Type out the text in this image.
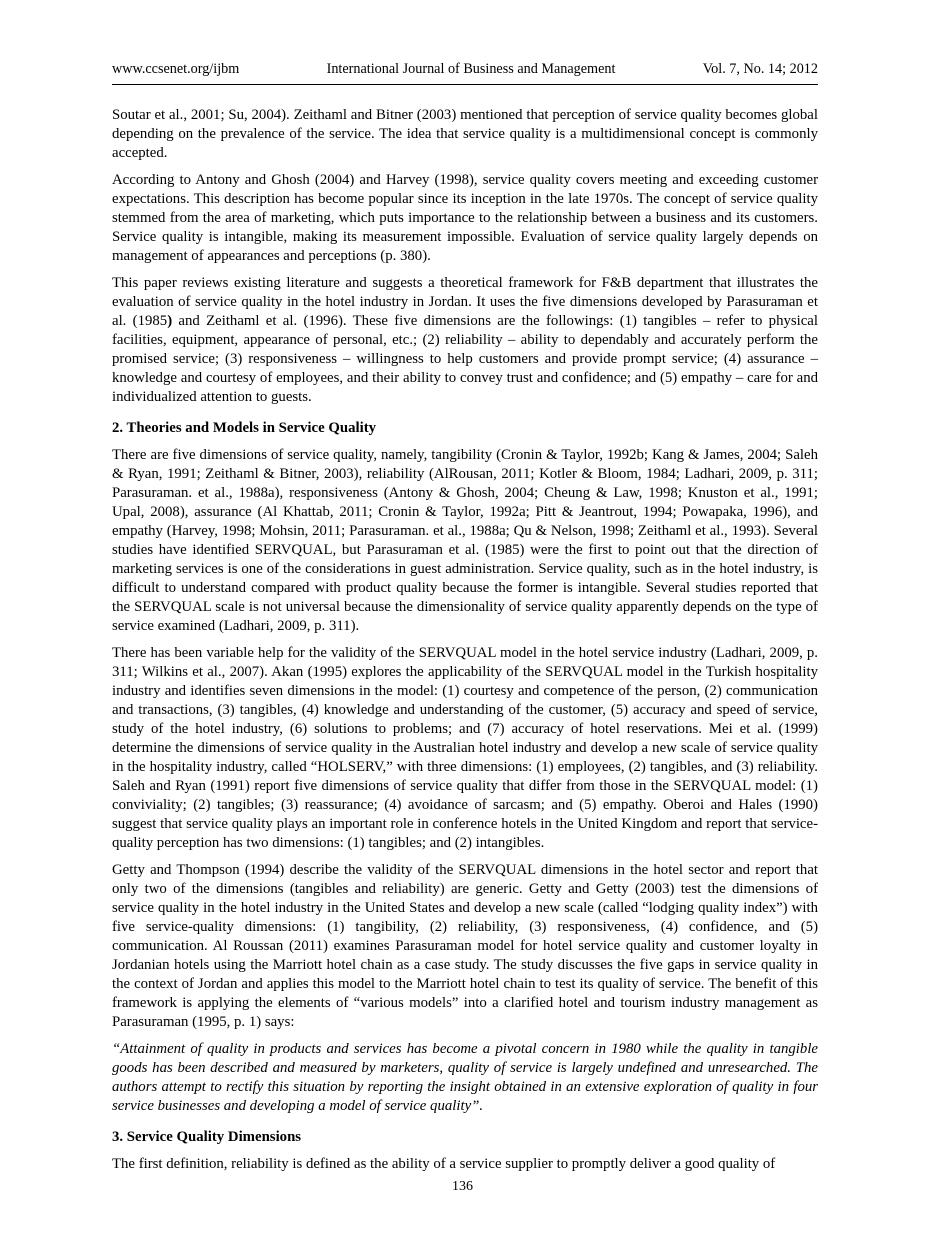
www.ccsenet.org/ijbm	International Journal of Business and Management	Vol. 7, No. 14; 2012

Soutar et al., 2001; Su, 2004). Zeithaml and Bitner (2003) mentioned that perception of service quality becomes global depending on the prevalence of the service. The idea that service quality is a multidimensional concept is commonly accepted.

According to Antony and Ghosh (2004) and Harvey (1998), service quality covers meeting and exceeding customer expectations. This description has become popular since its inception in the late 1970s. The concept of service quality stemmed from the area of marketing, which puts importance to the relationship between a business and its customers. Service quality is intangible, making its measurement impossible. Evaluation of service quality largely depends on management of appearances and perceptions (p. 380).

This paper reviews existing literature and suggests a theoretical framework for F&B department that illustrates the evaluation of service quality in the hotel industry in Jordan. It uses the five dimensions developed by Parasuraman et al. (1985) and Zeithaml et al. (1996). These five dimensions are the followings: (1) tangibles – refer to physical facilities, equipment, appearance of personal, etc.; (2) reliability – ability to dependably and accurately perform the promised service; (3) responsiveness – willingness to help customers and provide prompt service; (4) assurance – knowledge and courtesy of employees, and their ability to convey trust and confidence; and (5) empathy – care for and individualized attention to guests.

2. Theories and Models in Service Quality

There are five dimensions of service quality, namely, tangibility (Cronin & Taylor, 1992b; Kang & James, 2004; Saleh & Ryan, 1991; Zeithaml & Bitner, 2003), reliability (AlRousan, 2011; Kotler & Bloom, 1984; Ladhari, 2009, p. 311; Parasuraman. et al., 1988a), responsiveness (Antony & Ghosh, 2004; Cheung & Law, 1998; Knuston et al., 1991; Upal, 2008), assurance (Al Khattab, 2011; Cronin & Taylor, 1992a; Pitt & Jeantrout, 1994; Powapaka, 1996), and empathy (Harvey, 1998; Mohsin, 2011; Parasuraman. et al., 1988a; Qu & Nelson, 1998; Zeithaml et al., 1993). Several studies have identified SERVQUAL, but Parasuraman et al. (1985) were the first to point out that the direction of marketing services is one of the considerations in guest administration. Service quality, such as in the hotel industry, is difficult to understand compared with product quality because the former is intangible. Several studies reported that the SERVQUAL scale is not universal because the dimensionality of service quality apparently depends on the type of service examined (Ladhari, 2009, p. 311).

There has been variable help for the validity of the SERVQUAL model in the hotel service industry (Ladhari, 2009, p. 311; Wilkins et al., 2007). Akan (1995) explores the applicability of the SERVQUAL model in the Turkish hospitality industry and identifies seven dimensions in the model: (1) courtesy and competence of the person, (2) communication and transactions, (3) tangibles, (4) knowledge and understanding of the customer, (5) accuracy and speed of service, study of the hotel industry, (6) solutions to problems; and (7) accuracy of hotel reservations. Mei et al. (1999) determine the dimensions of service quality in the Australian hotel industry and develop a new scale of service quality in the hospitality industry, called “HOLSERV,” with three dimensions: (1) employees, (2) tangibles, and (3) reliability. Saleh and Ryan (1991) report five dimensions of service quality that differ from those in the SERVQUAL model: (1) conviviality; (2) tangibles; (3) reassurance; (4) avoidance of sarcasm; and (5) empathy. Oberoi and Hales (1990) suggest that service quality plays an important role in conference hotels in the United Kingdom and report that service-quality perception has two dimensions: (1) tangibles; and (2) intangibles.

Getty and Thompson (1994) describe the validity of the SERVQUAL dimensions in the hotel sector and report that only two of the dimensions (tangibles and reliability) are generic. Getty and Getty (2003) test the dimensions of service quality in the hotel industry in the United States and develop a new scale (called “lodging quality index”) with five service-quality dimensions: (1) tangibility, (2) reliability, (3) responsiveness, (4) confidence, and (5) communication. Al Roussan (2011) examines Parasuraman model for hotel service quality and customer loyalty in Jordanian hotels using the Marriott hotel chain as a case study. The study discusses the five gaps in service quality in the context of Jordan and applies this model to the Marriott hotel chain to test its quality of service. The benefit of this framework is applying the elements of “various models” into a clarified hotel and tourism industry management as Parasuraman (1995, p. 1) says:

“Attainment of quality in products and services has become a pivotal concern in 1980 while the quality in tangible goods has been described and measured by marketers, quality of service is largely undefined and unresearched. The authors attempt to rectify this situation by reporting the insight obtained in an extensive exploration of quality in four service businesses and developing a model of service quality”.

3. Service Quality Dimensions

The first definition, reliability is defined as the ability of a service supplier to promptly deliver a good quality of

136
